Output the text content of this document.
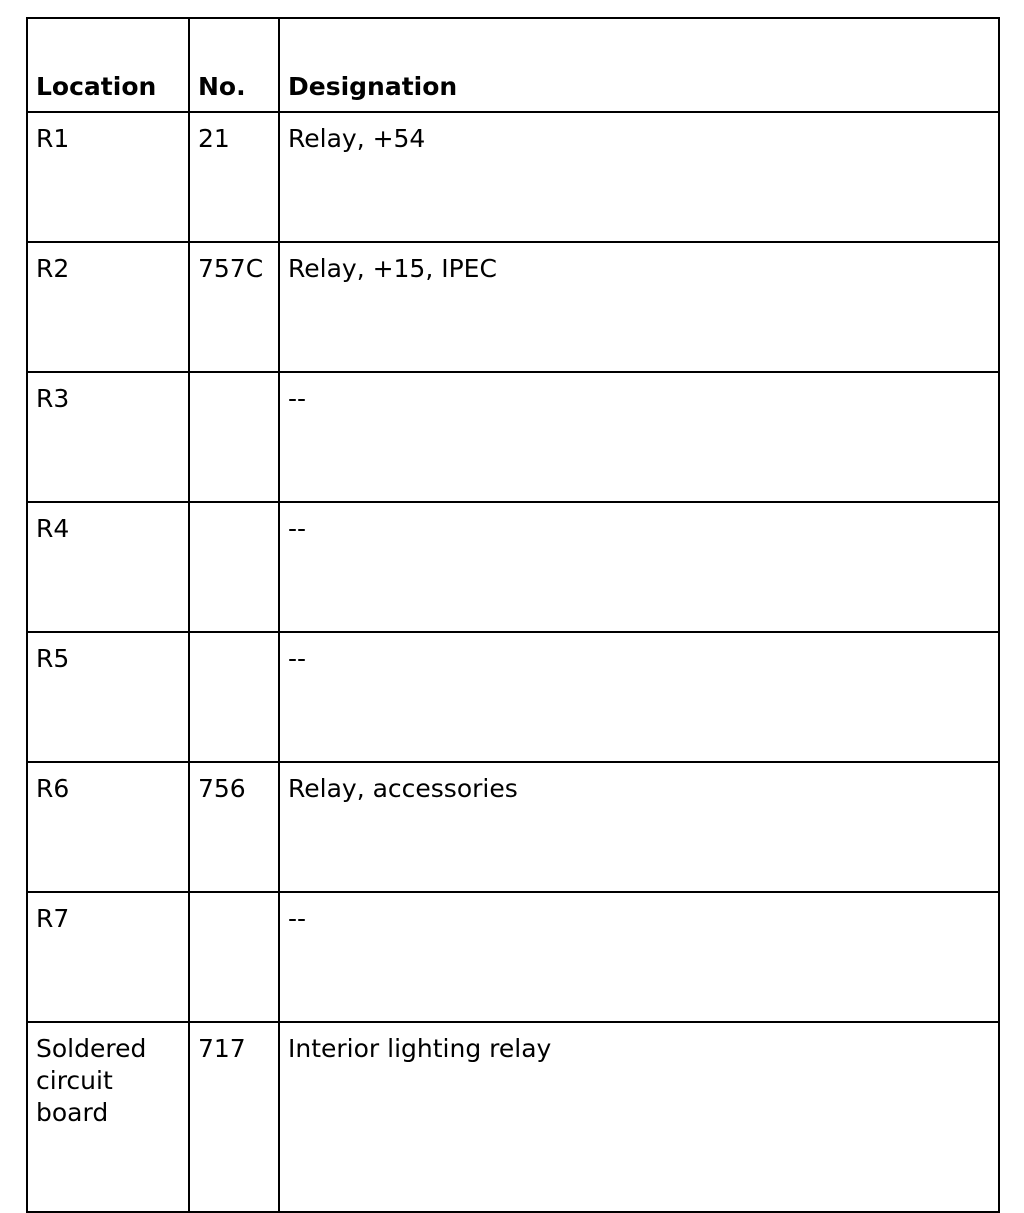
Location	No.	Designation
R1	21	Relay, +54
R2	757C	Relay, +15, IPEC
R3		--
R4		--
R5		--
R6	756	Relay, accessories
R7		--
Soldered circuit board	717	Interior lighting relay
